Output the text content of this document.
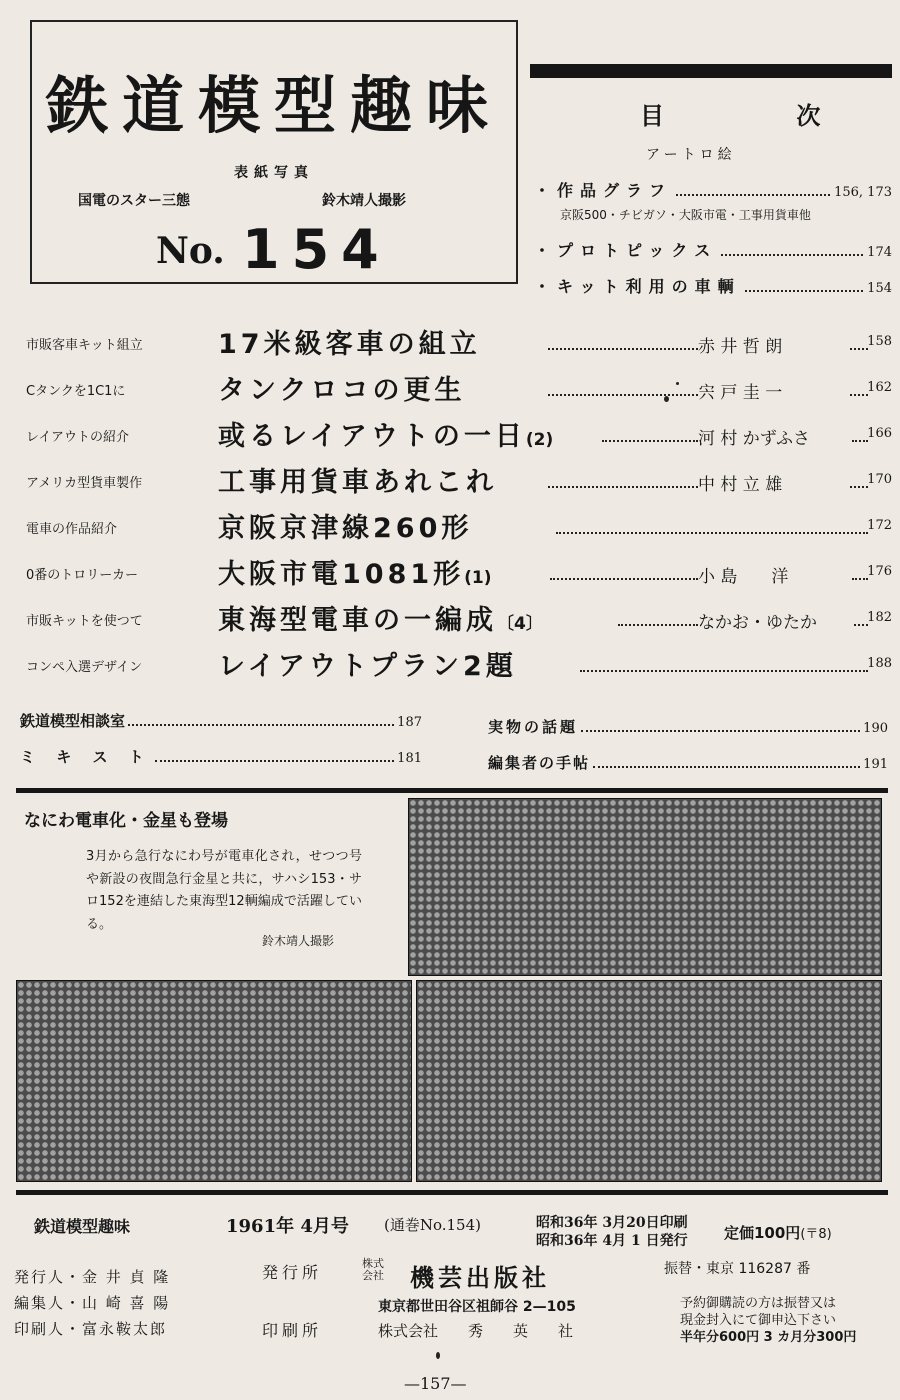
鉄道模型趣味
表紙写真
国電のスター三態	鈴木靖人撮影
No. 154
目 次
アートロ絵
・作品グラフ	156, 173
京阪500・チビガソ・大阪市電・工事用貨車他
・プロトピックス	174
・キット利用の車輌	154
市販客車キット組立	17米級客車の組立	赤 井 哲 朗	158
Cタンクを1C1に	タンクロコの更生	宍 戸 圭 一	162
レイアウトの紹介	或るレイアウトの一日(2)	河 村 かずふさ	166
アメリカ型貨車製作	工事用貨車あれこれ	中 村 立 雄	170
電車の作品紹介	京阪京津線260形	172
0番のトロリーカー	大阪市電1081形(1)	小 島　　洋	176
市販キットを使つて	東海型電車の一編成〔4〕	なかお・ゆたか	182
コンペ入選デザイン	レイアウトプラン2題	188
鉄道模型相談室	187
ミ キ ス ト	181
実物の話題	190
編集者の手帖	191
なにわ電車化・金星も登場
3月から急行なにわ号が電車化され，せつつ号や新設の夜間急行金星と共に，サハシ153・サロ152を連結した東海型12輌編成で活躍している。
鈴木靖人撮影
鉄道模型趣味	1961年 4月号 (通巻No.154)	昭和36年 3月20日印刷
昭和36年 4月 1 日発行 定価100円(〒8)
発行人・金 井 貞 隆
編集人・山 崎 喜 陽
印刷人・富永鞍太郎
発行所	株式会社	機芸出版社
東京都世田谷区祖師谷 2—105
印刷所	株式会社　　秀　　英　　社
振替・東京 116287 番
予約御購読の方は振替又は
現金封入にて御申込下さい
半年分600円 3 カ月分300円
—157—
